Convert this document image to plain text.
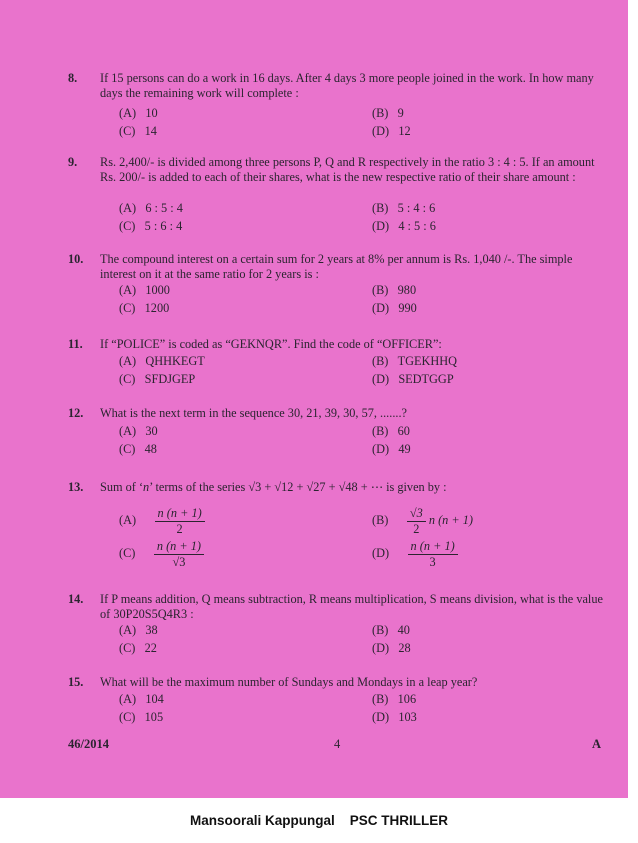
8. If 15 persons can do a work in 16 days. After 4 days 3 more people joined in the work. In how many days the remaining work will complete :
(A) 10	(B) 9
(C) 14	(D) 12
9. Rs. 2,400/- is divided among three persons P, Q and R respectively in the ratio 3 : 4 : 5. If an amount Rs. 200/- is added to each of their shares, what is the new respective ratio of their share amount :
(A) 6 : 5 : 4	(B) 5 : 4 : 6
(C) 5 : 6 : 4	(D) 4 : 5 : 6
10. The compound interest on a certain sum for 2 years at 8% per annum is Rs. 1,040 /-. The simple interest on it at the same ratio for 2 years is :
(A) 1000	(B) 980
(C) 1200	(D) 990
11. If “POLICE” is coded as “GEKNQR”. Find the code of “OFFICER”:
(A) QHHKEGT	(B) TGEKHHQ
(C) SFDJGEP	(D) SEDTGGP
12. What is the next term in the sequence 30, 21, 39, 30, 57, .......?
(A) 30	(B) 60
(C) 48	(D) 49
13. Sum of ‘n’ terms of the series √3 + √12 + √27 + √48 + ⋯ is given by :
$(A) \frac{n (n + 1)}{2}$	$(B) \frac{√3}{2}$ n (n + 1)
$(C) \frac{n (n + 1)}{√3}$	$(D) \frac{n (n + 1)}{3}$
14. If P means addition, Q means subtraction, R means multiplication, S means division, what is the value of 30P20S5Q4R3 :
(A) 38	(B) 40
(C) 22	(D) 28
15. What will be the maximum number of Sundays and Mondays in a leap year?
(A) 104	(B) 106
(C) 105	(D) 103
46/2014	4	A
Mansoorali Kappungal    PSC THRILLER
